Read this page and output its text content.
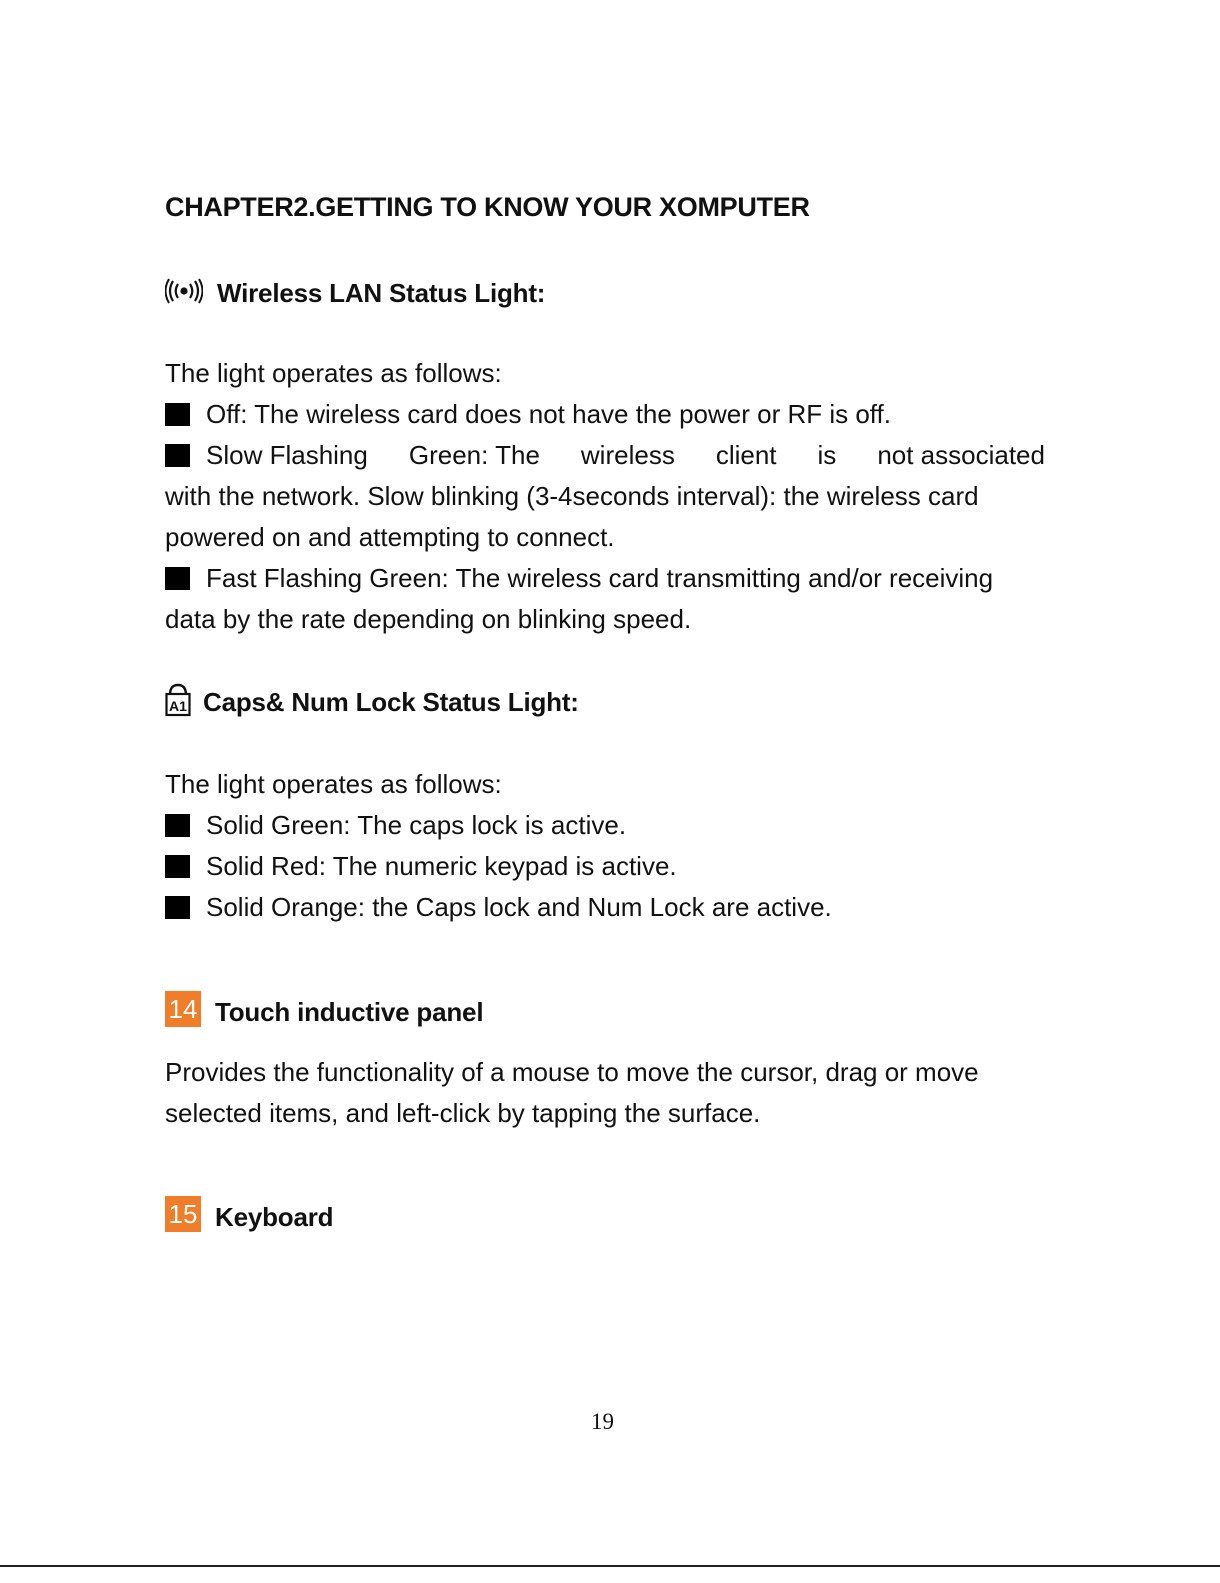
CHAPTER2.GETTING TO KNOW YOUR XOMPUTER
Wireless LAN Status Light:
The light operates as follows:
Off: The wireless card does not have the power or RF is off.
Slow Flashing Green: The wireless client is not associated
with the network. Slow blinking (3-4seconds interval): the wireless card
powered on and attempting to connect.
Fast Flashing Green: The wireless card transmitting and/or receiving
data by the rate depending on blinking speed.
A1 Caps& Num Lock Status Light:
The light operates as follows:
Solid Green: The caps lock is active.
Solid Red: The numeric keypad is active.
Solid Orange: the Caps lock and Num Lock are active.
14 Touch inductive panel
Provides the functionality of a mouse to move the cursor, drag or move
selected items, and left-click by tapping the surface.
15 Keyboard
19
